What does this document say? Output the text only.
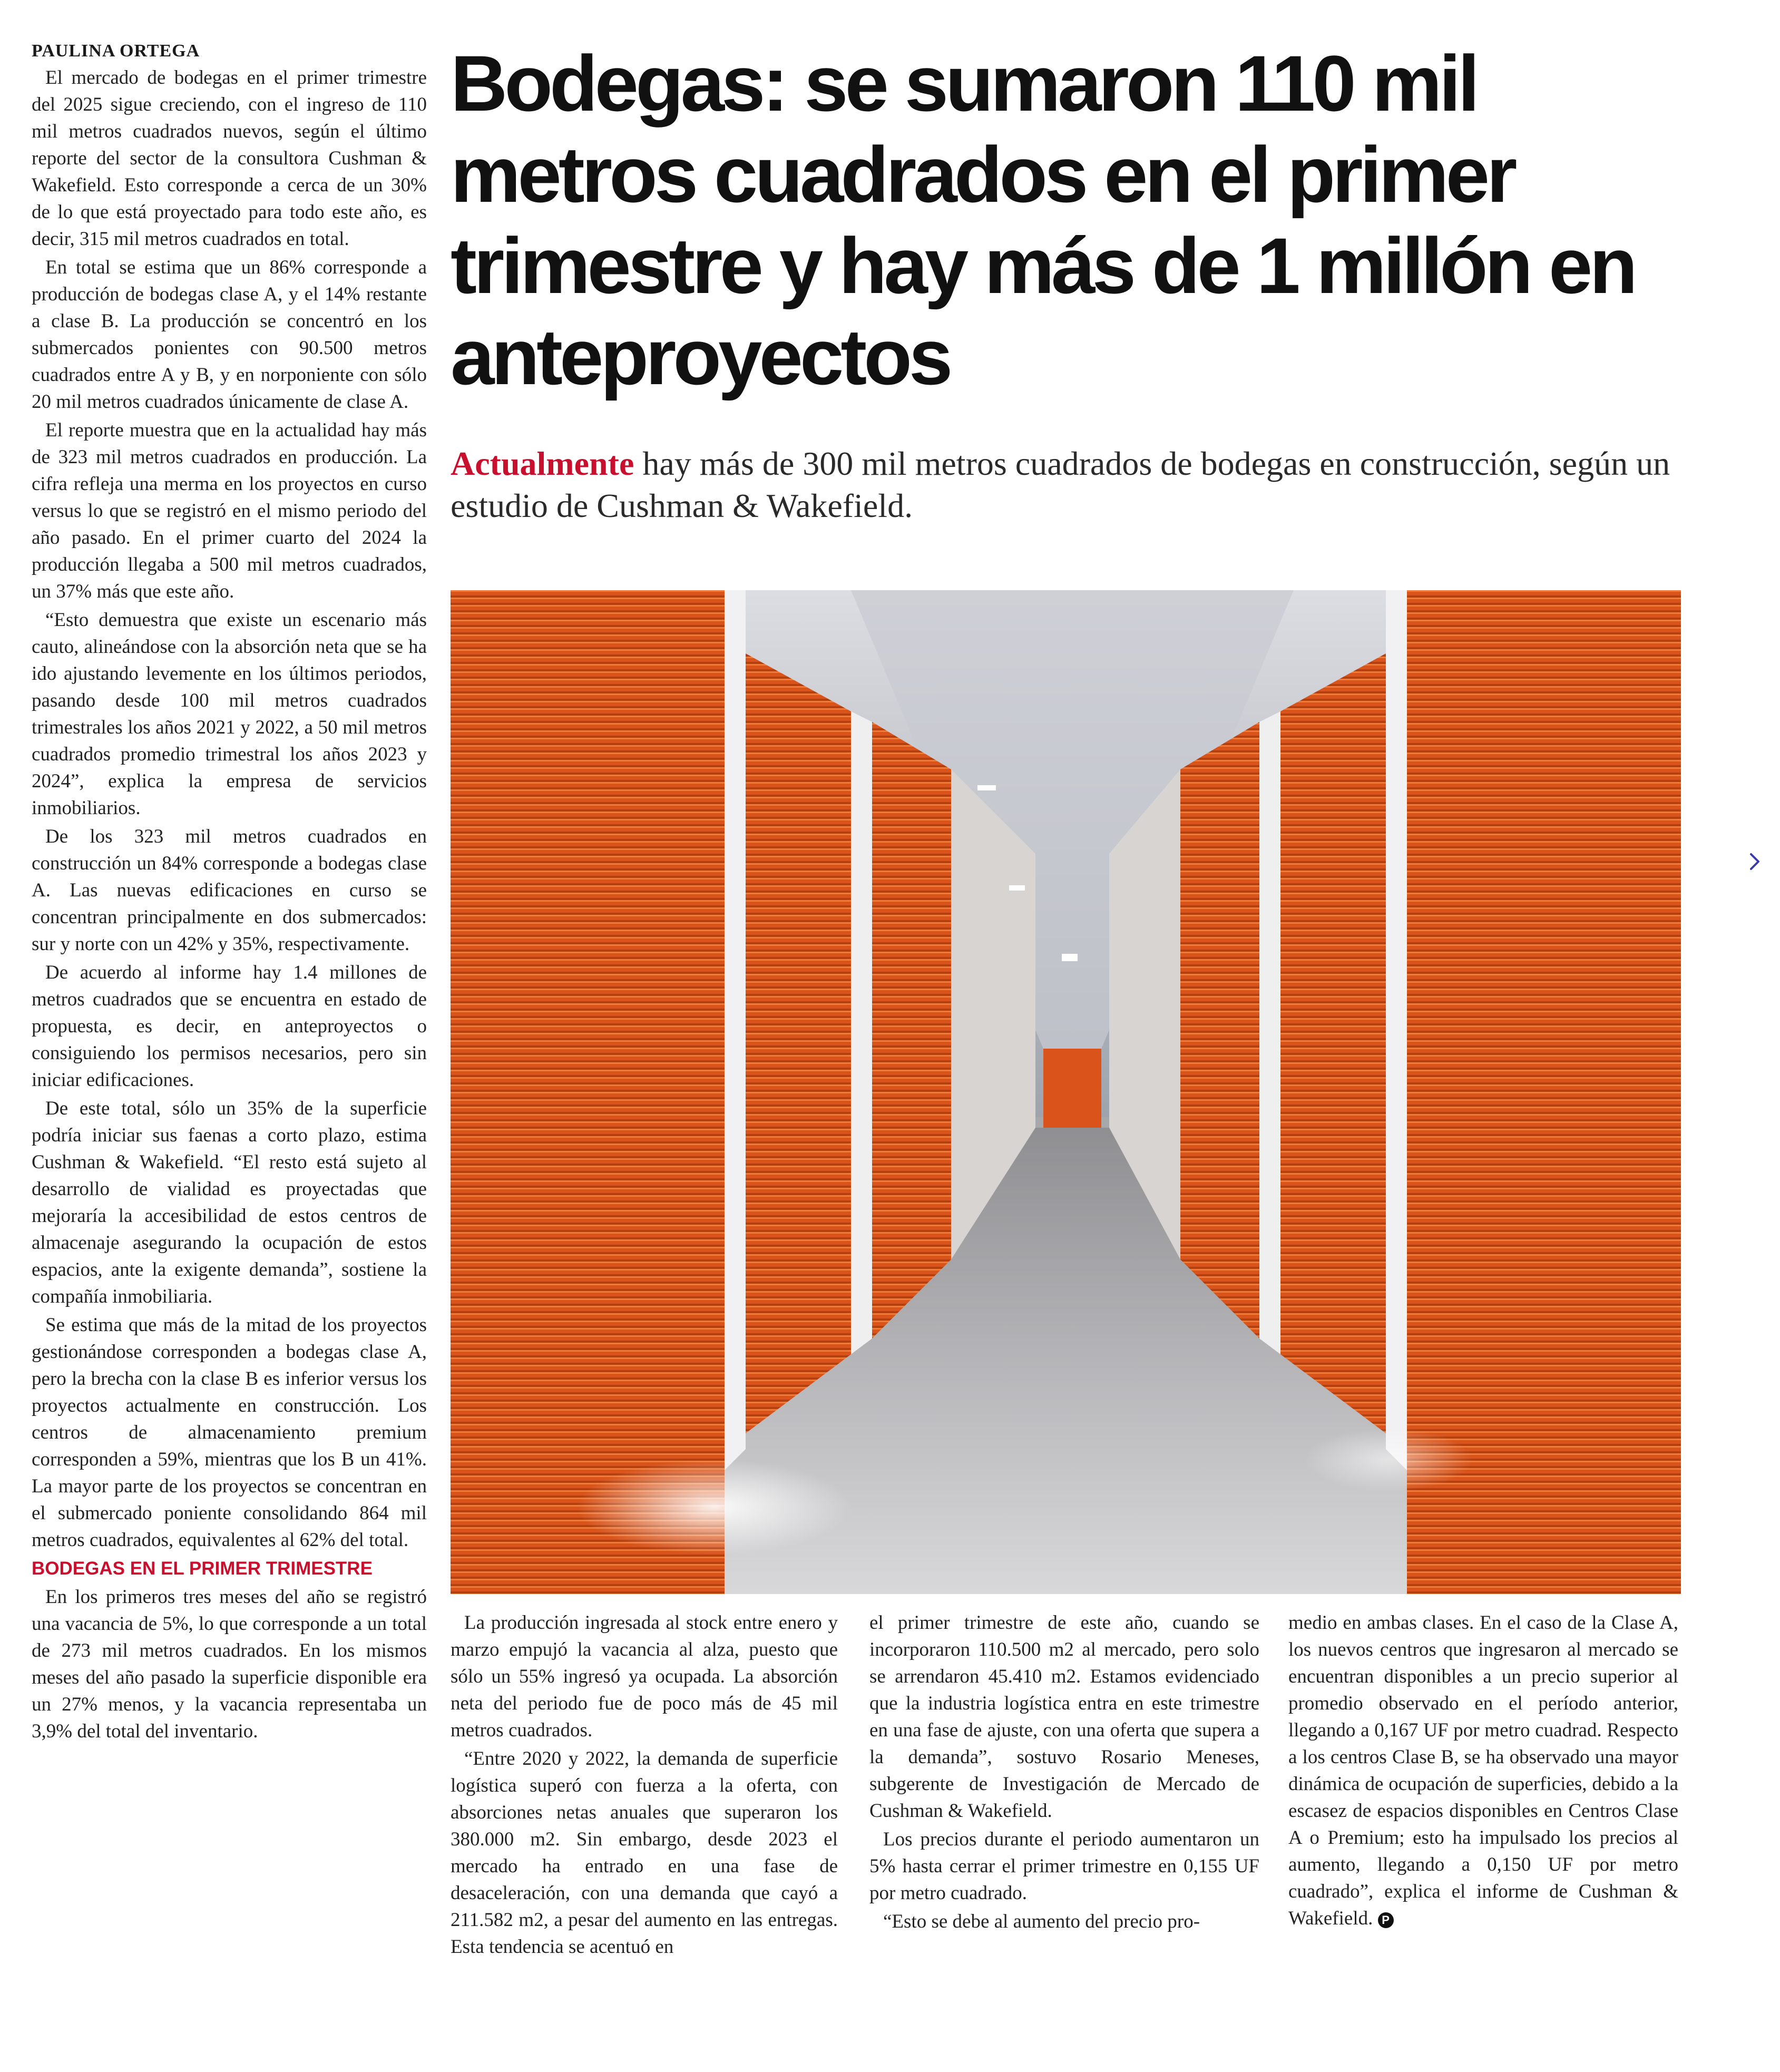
PAULINA ORTEGA

El mercado de bodegas en el primer trimestre del 2025 sigue creciendo, con el ingreso de 110 mil metros cuadrados nuevos, según el último reporte del sector de la consultora Cushman & Wakefield. Esto corresponde a cerca de un 30% de lo que está proyectado para todo este año, es decir, 315 mil metros cuadrados en total.

En total se estima que un 86% corresponde a producción de bodegas clase A, y el 14% restante a clase B. La producción se concentró en los submercados ponientes con 90.500 metros cuadrados entre A y B, y en norponiente con sólo 20 mil metros cuadrados únicamente de clase A.

El reporte muestra que en la actualidad hay más de 323 mil metros cuadrados en producción. La cifra refleja una merma en los proyectos en curso versus lo que se registró en el mismo periodo del año pasado. En el primer cuarto del 2024 la producción llegaba a 500 mil metros cuadrados, un 37% más que este año.

“Esto demuestra que existe un escenario más cauto, alineándose con la absorción neta que se ha ido ajustando levemente en los últimos periodos, pasando desde 100 mil metros cuadrados trimestrales los años 2021 y 2022, a 50 mil metros cuadrados promedio trimestral los años 2023 y 2024”, explica la empresa de servicios inmobiliarios.

De los 323 mil metros cuadrados en construcción un 84% corresponde a bodegas clase A. Las nuevas edificaciones en curso se concentran principalmente en dos submercados: sur y norte con un 42% y 35%, respectivamente.

De acuerdo al informe hay 1.4 millones de metros cuadrados que se encuentra en estado de propuesta, es decir, en anteproyectos o consiguiendo los permisos necesarios, pero sin iniciar edificaciones.

De este total, sólo un 35% de la superficie podría iniciar sus faenas a corto plazo, estima Cushman & Wakefield. “El resto está sujeto al desarrollo de vialidad es proyectadas que mejoraría la accesibilidad de estos centros de almacenaje asegurando la ocupación de estos espacios, ante la exigente demanda”, sostiene la compañía inmobiliaria.

Se estima que más de la mitad de los proyectos gestionándose corresponden a bodegas clase A, pero la brecha con la clase B es inferior versus los proyectos actualmente en construcción. Los centros de almacenamiento premium corresponden a 59%, mientras que los B un 41%. La mayor parte de los proyectos se concentran en el submercado poniente consolidando 864 mil metros cuadrados, equivalentes al 62% del total.

BODEGAS EN EL PRIMER TRIMESTRE

En los primeros tres meses del año se registró una vacancia de 5%, lo que corresponde a un total de 273 mil metros cuadrados. En los mismos meses del año pasado la superficie disponible era un 27% menos, y la vacancia representaba un 3,9% del total del inventario.

Bodegas: se sumaron 110 mil metros cuadrados en el primer trimestre y hay más de 1 millón en anteproyectos

Actualmente hay más de 300 mil metros cuadrados de bodegas en construcción, según un estudio de Cushman & Wakefield.

La producción ingresada al stock entre enero y marzo empujó la vacancia al alza, puesto que sólo un 55% ingresó ya ocupada. La absorción neta del periodo fue de poco más de 45 mil metros cuadrados.

“Entre 2020 y 2022, la demanda de superficie logística superó con fuerza a la oferta, con absorciones netas anuales que superaron los 380.000 m2. Sin embargo, desde 2023 el mercado ha entrado en una fase de desaceleración, con una demanda que cayó a 211.582 m2, a pesar del aumento en las entregas. Esta tendencia se acentuó en

el primer trimestre de este año, cuando se incorporaron 110.500 m2 al mercado, pero solo se arrendaron 45.410 m2. Estamos evidenciado que la industria logística entra en este trimestre en una fase de ajuste, con una oferta que supera a la demanda”, sostuvo Rosario Meneses, subgerente de Investigación de Mercado de Cushman & Wakefield.

Los precios durante el periodo aumentaron un 5% hasta cerrar el primer trimestre en 0,155 UF por metro cuadrado.

“Esto se debe al aumento del precio pro-

medio en ambas clases. En el caso de la Clase A, los nuevos centros que ingresaron al mercado se encuentran disponibles a un precio superior al promedio observado en el período anterior, llegando a 0,167 UF por metro cuadrad. Respecto a los centros Clase B, se ha observado una mayor dinámica de ocupación de superficies, debido a la escasez de espacios disponibles en Centros Clase A o Premium; esto ha impulsado los precios al aumento, llegando a 0,150 UF por metro cuadrado”, explica el informe de Cushman & Wakefield. P
